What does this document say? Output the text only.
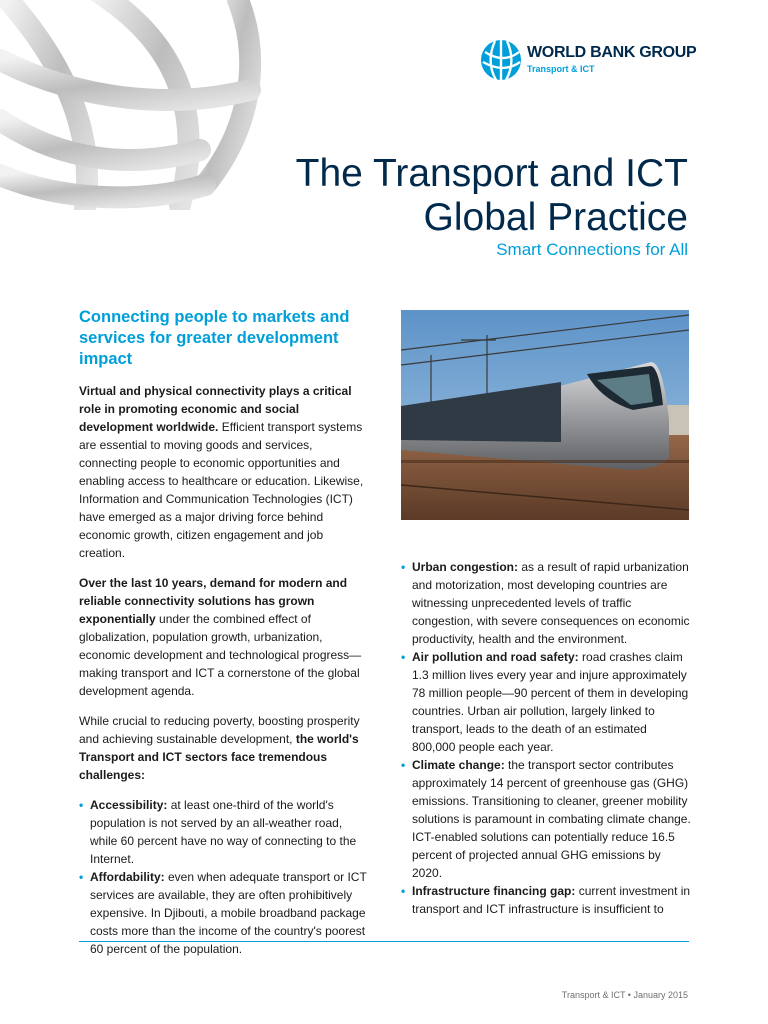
WORLD BANK GROUP
Transport & ICT
The Transport and ICT
Global Practice
Smart Connections for All
Connecting people to markets and services for greater development impact

Virtual and physical connectivity plays a critical role in promoting economic and social development worldwide. Efficient transport systems are essential to moving goods and services, connecting people to economic opportunities and enabling access to healthcare or education. Likewise, Information and Communication Technologies (ICT) have emerged as a major driving force behind economic growth, citizen engagement and job creation.

Over the last 10 years, demand for modern and reliable connectivity solutions has grown exponentially under the combined effect of globalization, population growth, urbanization, economic development and technological progress—making transport and ICT a cornerstone of the global development agenda.

While crucial to reducing poverty, boosting prosperity and achieving sustainable development, the world's Transport and ICT sectors face tremendous challenges:

• Accessibility: at least one-third of the world's population is not served by an all-weather road, while 60 percent have no way of connecting to the Internet.
• Affordability: even when adequate transport or ICT services are available, they are often prohibitively expensive. In Djibouti, a mobile broadband package costs more than the income of the country's poorest 60 percent of the population.
• Urban congestion: as a result of rapid urbanization and motorization, most developing countries are witnessing unprecedented levels of traffic congestion, with severe consequences on economic productivity, health and the environment.
• Air pollution and road safety: road crashes claim 1.3 million lives every year and injure approximately 78 million people—90 percent of them in developing countries. Urban air pollution, largely linked to transport, leads to the death of an estimated 800,000 people each year.
• Climate change: the transport sector contributes approximately 14 percent of greenhouse gas (GHG) emissions. Transitioning to cleaner, greener mobility solutions is paramount in combating climate change. ICT-enabled solutions can potentially reduce 16.5 percent of projected annual GHG emissions by 2020.
• Infrastructure financing gap: current investment in transport and ICT infrastructure is insufficient to
Transport & ICT • January 2015
